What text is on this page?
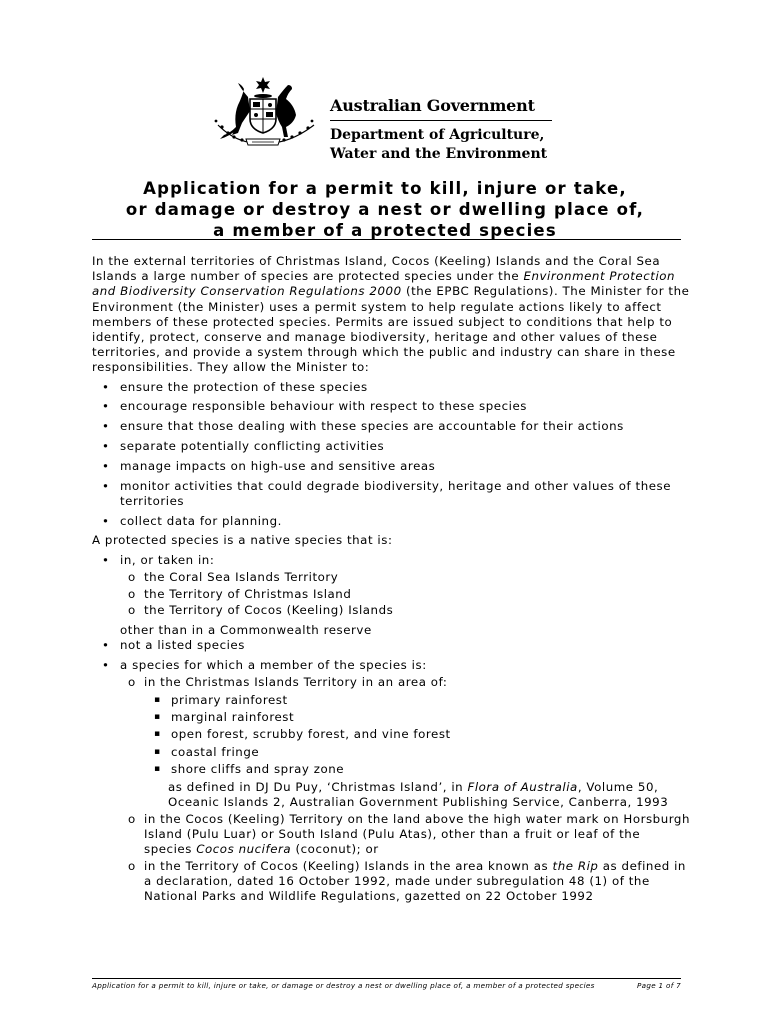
Australian Government
Department of Agriculture,
Water and the Environment
Application for a permit to kill, injure or take,
or damage or destroy a nest or dwelling place of,
a member of a protected species

In the external territories of Christmas Island, Cocos (Keeling) Islands and the Coral Sea Islands a large number of species are protected species under the Environment Protection and Biodiversity Conservation Regulations 2000 (the EPBC Regulations). The Minister for the Environment (the Minister) uses a permit system to help regulate actions likely to affect members of these protected species. Permits are issued subject to conditions that help to identify, protect, conserve and manage biodiversity, heritage and other values of these territories, and provide a system through which the public and industry can share in these responsibilities. They allow the Minister to:

• ensure the protection of these species
• encourage responsible behaviour with respect to these species
• ensure that those dealing with these species are accountable for their actions
• separate potentially conflicting activities
• manage impacts on high-use and sensitive areas
• monitor activities that could degrade biodiversity, heritage and other values of these territories
• collect data for planning.

A protected species is a native species that is:

• in, or taken in:
o the Coral Sea Islands Territory
o the Territory of Christmas Island
o the Territory of Cocos (Keeling) Islands

other than in a Commonwealth reserve

• not a listed species
• a species for which a member of the species is:
o in the Christmas Islands Territory in an area of:
▪ primary rainforest
▪ marginal rainforest
▪ open forest, scrubby forest, and vine forest
▪ coastal fringe
▪ shore cliffs and spray zone

as defined in DJ Du Puy, ‘Christmas Island’, in Flora of Australia, Volume 50, Oceanic Islands 2, Australian Government Publishing Service, Canberra, 1993

o in the Cocos (Keeling) Territory on the land above the high water mark on Horsburgh Island (Pulu Luar) or South Island (Pulu Atas), other than a fruit or leaf of the species Cocos nucifera (coconut); or
o in the Territory of Cocos (Keeling) Islands in the area known as the Rip as defined in a declaration, dated 16 October 1992, made under subregulation 48 (1) of the National Parks and Wildlife Regulations, gazetted on 22 October 1992
Application for a permit to kill, injure or take, or damage or destroy a nest or dwelling place of, a member of a protected species	Page 1 of 7
